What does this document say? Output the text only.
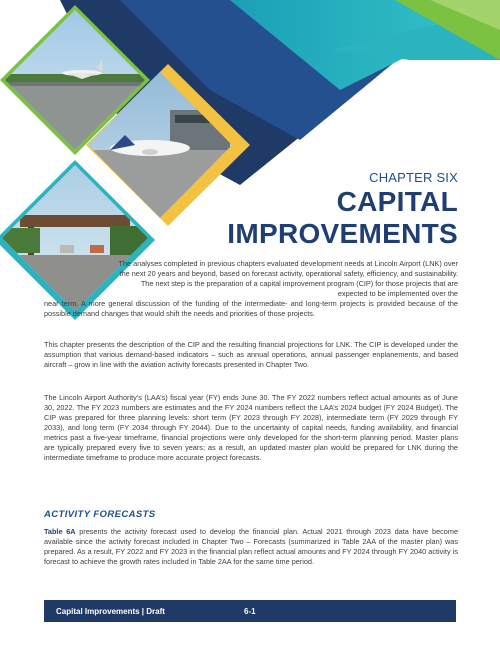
CHAPTER SIX
CAPITAL
IMPROVEMENTS

The analyses completed in previous chapters evaluated development needs at Lincoln Airport (LNK) over the next 20 years and beyond, based on forecast activity, operational safety, efficiency, and sustainability. The next step is the preparation of a capital improvement program (CIP) for those projects that are expected to be implemented over the

near term. A more general discussion of the funding of the intermediate- and long-term projects is provided because of the possible demand changes that would shift the needs and priorities of those projects.

This chapter presents the description of the CIP and the resulting financial projections for LNK. The CIP is developed under the assumption that various demand-based indicators – such as annual operations, annual passenger enplanements, and based aircraft – grow in line with the aviation activity forecasts presented in Chapter Two.

The Lincoln Airport Authority’s (LAA’s) fiscal year (FY) ends June 30. The FY 2022 numbers reflect actual amounts as of June 30, 2022. The FY 2023 numbers are estimates and the FY 2024 numbers reflect the LAA’s 2024 budget (FY 2024 Budget). The CIP was prepared for three planning levels: short term (FY 2023 through FY 2028), intermediate term (FY 2029 through FY 2033), and long term (FY 2034 through FY 2044). Due to the uncertainty of capital needs, funding availability, and financial metrics past a five-year timeframe, financial projections were only developed for the short-term planning period. Master plans are typically prepared every five to seven years; as a result, an updated master plan would be prepared for LNK during the intermediate timeframe to produce more accurate project forecasts.

ACTIVITY FORECASTS

Table 6A presents the activity forecast used to develop the financial plan. Actual 2021 through 2023 data have become available since the activity forecast included in Chapter Two – Forecasts (summarized in Table 2AA of the master plan) was prepared. As a result, FY 2022 and FY 2023 in the financial plan reflect actual amounts and FY 2024 through FY 2040 activity is forecast to achieve the growth rates included in Table 2AA for the same time period.

Capital Improvements | Draft	6-1
